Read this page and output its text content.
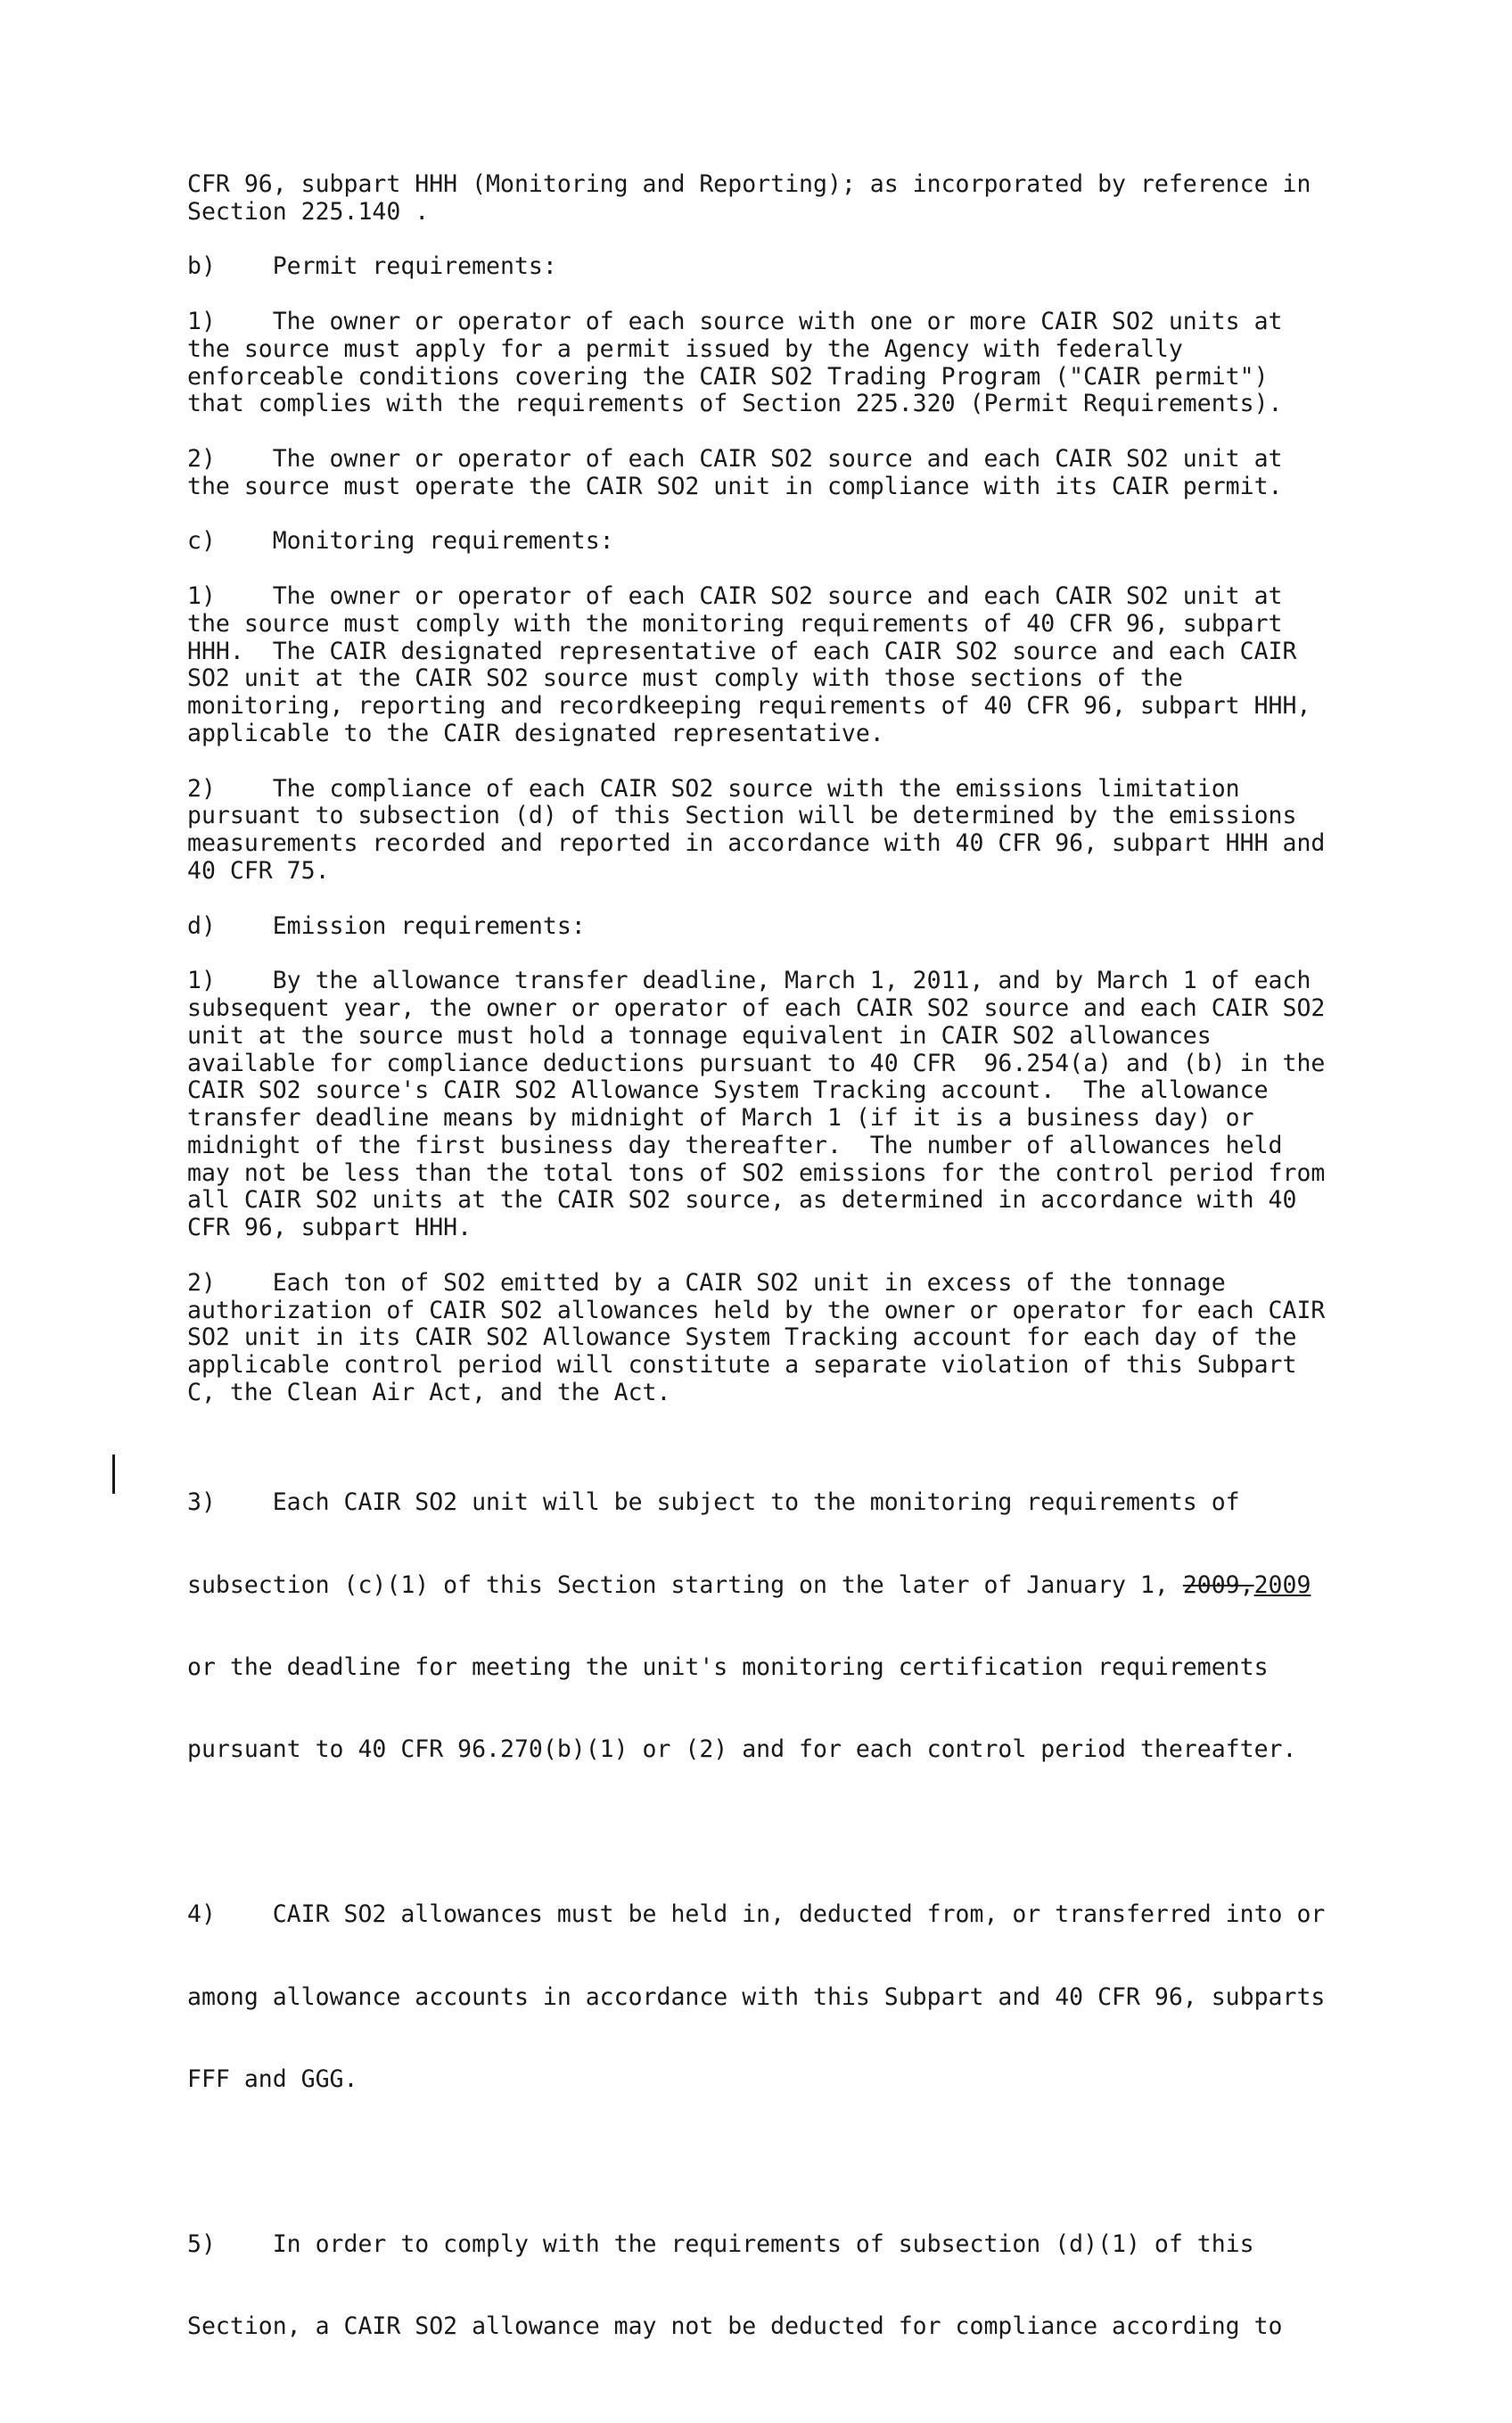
CFR 96, subpart HHH (Monitoring and Reporting); as incorporated by reference in
Section 225.140 .
b)    Permit requirements:
1)    The owner or operator of each source with one or more CAIR SO2 units at
the source must apply for a permit issued by the Agency with federally
enforceable conditions covering the CAIR SO2 Trading Program ("CAIR permit")
that complies with the requirements of Section 225.320 (Permit Requirements).
2)    The owner or operator of each CAIR SO2 source and each CAIR SO2 unit at
the source must operate the CAIR SO2 unit in compliance with its CAIR permit.
c)    Monitoring requirements:
1)    The owner or operator of each CAIR SO2 source and each CAIR SO2 unit at
the source must comply with the monitoring requirements of 40 CFR 96, subpart
HHH.  The CAIR designated representative of each CAIR SO2 source and each CAIR
SO2 unit at the CAIR SO2 source must comply with those sections of the
monitoring, reporting and recordkeeping requirements of 40 CFR 96, subpart HHH,
applicable to the CAIR designated representative.
2)    The compliance of each CAIR SO2 source with the emissions limitation
pursuant to subsection (d) of this Section will be determined by the emissions
measurements recorded and reported in accordance with 40 CFR 96, subpart HHH and
40 CFR 75.
d)    Emission requirements:
1)    By the allowance transfer deadline, March 1, 2011, and by March 1 of each
subsequent year, the owner or operator of each CAIR SO2 source and each CAIR SO2
unit at the source must hold a tonnage equivalent in CAIR SO2 allowances
available for compliance deductions pursuant to 40 CFR  96.254(a) and (b) in the
CAIR SO2 source's CAIR SO2 Allowance System Tracking account.  The allowance
transfer deadline means by midnight of March 1 (if it is a business day) or
midnight of the first business day thereafter.  The number of allowances held
may not be less than the total tons of SO2 emissions for the control period from
all CAIR SO2 units at the CAIR SO2 source, as determined in accordance with 40
CFR 96, subpart HHH.
2)    Each ton of SO2 emitted by a CAIR SO2 unit in excess of the tonnage
authorization of CAIR SO2 allowances held by the owner or operator for each CAIR
SO2 unit in its CAIR SO2 Allowance System Tracking account for each day of the
applicable control period will constitute a separate violation of this Subpart
C, the Clean Air Act, and the Act.

3)    Each CAIR SO2 unit will be subject to the monitoring requirements of

subsection (c)(1) of this Section starting on the later of January 1, 2009,2009

or the deadline for meeting the unit's monitoring certification requirements

pursuant to 40 CFR 96.270(b)(1) or (2) and for each control period thereafter.

4)    CAIR SO2 allowances must be held in, deducted from, or transferred into or

among allowance accounts in accordance with this Subpart and 40 CFR 96, subparts

FFF and GGG.

5)    In order to comply with the requirements of subsection (d)(1) of this

Section, a CAIR SO2 allowance may not be deducted for compliance according to
